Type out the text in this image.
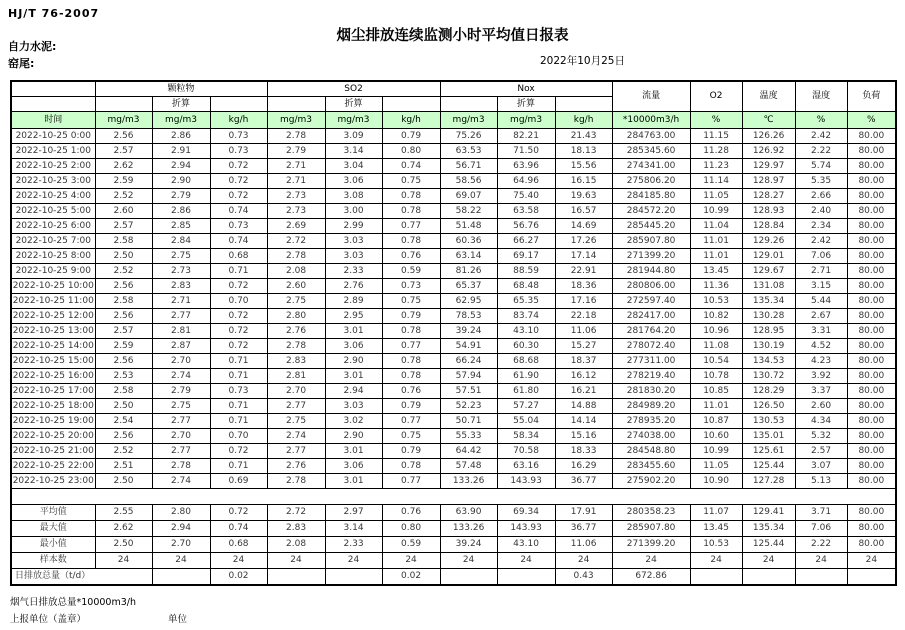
HJ/T 76-2007
烟尘排放连续监测小时平均值日报表
自力水泥:
窑尾:	2022年10月25日
	颗粒物			SO2			Nox			流量	O2	温度	湿度	负荷
		折算			折算			折算						
时间	mg/m3	mg/m3	kg/h	mg/m3	mg/m3	kg/h	mg/m3	mg/m3	kg/h	*10000m3/h	%	℃	%	%
2022-10-25 0:00	2.56	2.86	0.73	2.78	3.09	0.79	75.26	82.21	21.43	284763.00	11.15	126.26	2.42	80.00
2022-10-25 1:00	2.57	2.91	0.73	2.79	3.14	0.80	63.53	71.50	18.13	285345.60	11.28	126.92	2.22	80.00
2022-10-25 2:00	2.62	2.94	0.72	2.71	3.04	0.74	56.71	63.96	15.56	274341.00	11.23	129.97	5.74	80.00
2022-10-25 3:00	2.59	2.90	0.72	2.71	3.06	0.75	58.56	64.96	16.15	275806.20	11.14	128.97	5.35	80.00
2022-10-25 4:00	2.52	2.79	0.72	2.73	3.08	0.78	69.07	75.40	19.63	284185.80	11.05	128.27	2.66	80.00
2022-10-25 5:00	2.60	2.86	0.74	2.73	3.00	0.78	58.22	63.58	16.57	284572.20	10.99	128.93	2.40	80.00
2022-10-25 6:00	2.57	2.85	0.73	2.69	2.99	0.77	51.48	56.76	14.69	285445.20	11.04	128.84	2.34	80.00
2022-10-25 7:00	2.58	2.84	0.74	2.72	3.03	0.78	60.36	66.27	17.26	285907.80	11.01	129.26	2.42	80.00
2022-10-25 8:00	2.50	2.75	0.68	2.78	3.03	0.76	63.14	69.17	17.14	271399.20	11.01	129.01	7.06	80.00
2022-10-25 9:00	2.52	2.73	0.71	2.08	2.33	0.59	81.26	88.59	22.91	281944.80	13.45	129.67	2.71	80.00
2022-10-25 10:00	2.56	2.83	0.72	2.60	2.76	0.73	65.37	68.48	18.36	280806.00	11.36	131.08	3.15	80.00
2022-10-25 11:00	2.58	2.71	0.70	2.75	2.89	0.75	62.95	65.35	17.16	272597.40	10.53	135.34	5.44	80.00
2022-10-25 12:00	2.56	2.77	0.72	2.80	2.95	0.79	78.53	83.74	22.18	282417.00	10.82	130.28	2.67	80.00
2022-10-25 13:00	2.57	2.81	0.72	2.76	3.01	0.78	39.24	43.10	11.06	281764.20	10.96	128.95	3.31	80.00
2022-10-25 14:00	2.59	2.87	0.72	2.78	3.06	0.77	54.91	60.30	15.27	278072.40	11.08	130.19	4.52	80.00
2022-10-25 15:00	2.56	2.70	0.71	2.83	2.90	0.78	66.24	68.68	18.37	277311.00	10.54	134.53	4.23	80.00
2022-10-25 16:00	2.53	2.74	0.71	2.81	3.01	0.78	57.94	61.90	16.12	278219.40	10.78	130.72	3.92	80.00
2022-10-25 17:00	2.58	2.79	0.73	2.70	2.94	0.76	57.51	61.80	16.21	281830.20	10.85	128.29	3.37	80.00
2022-10-25 18:00	2.50	2.75	0.71	2.77	3.03	0.79	52.23	57.27	14.88	284989.20	11.01	126.50	2.60	80.00
2022-10-25 19:00	2.54	2.77	0.71	2.75	3.02	0.77	50.71	55.04	14.14	278935.20	10.87	130.53	4.34	80.00
2022-10-25 20:00	2.56	2.70	0.70	2.74	2.90	0.75	55.33	58.34	15.16	274038.00	10.60	135.01	5.32	80.00
2022-10-25 21:00	2.52	2.77	0.72	2.77	3.01	0.79	64.42	70.58	18.33	284548.80	10.99	125.61	2.57	80.00
2022-10-25 22:00	2.51	2.78	0.71	2.76	3.06	0.78	57.48	63.16	16.29	283455.60	11.05	125.44	3.07	80.00
2022-10-25 23:00	2.50	2.74	0.69	2.78	3.01	0.77	133.26	143.93	36.77	275902.20	10.90	127.28	5.13	80.00

平均值	2.55	2.80	0.72	2.72	2.97	0.76	63.90	69.34	17.91	280358.23	11.07	129.41	3.71	80.00
最大值	2.62	2.94	0.74	2.83	3.14	0.80	133.26	143.93	36.77	285907.80	13.45	135.34	7.06	80.00
最小值	2.50	2.70	0.68	2.08	2.33	0.59	39.24	43.10	11.06	271399.20	10.53	125.44	2.22	80.00
样本数	24	24	24	24	24	24	24	24	24	24	24	24	24	24
日排放总量（t/d）			0.02			0.02			0.43	672.86				
烟气日排放总量*10000m3/h
上报单位（盖章）	单位
